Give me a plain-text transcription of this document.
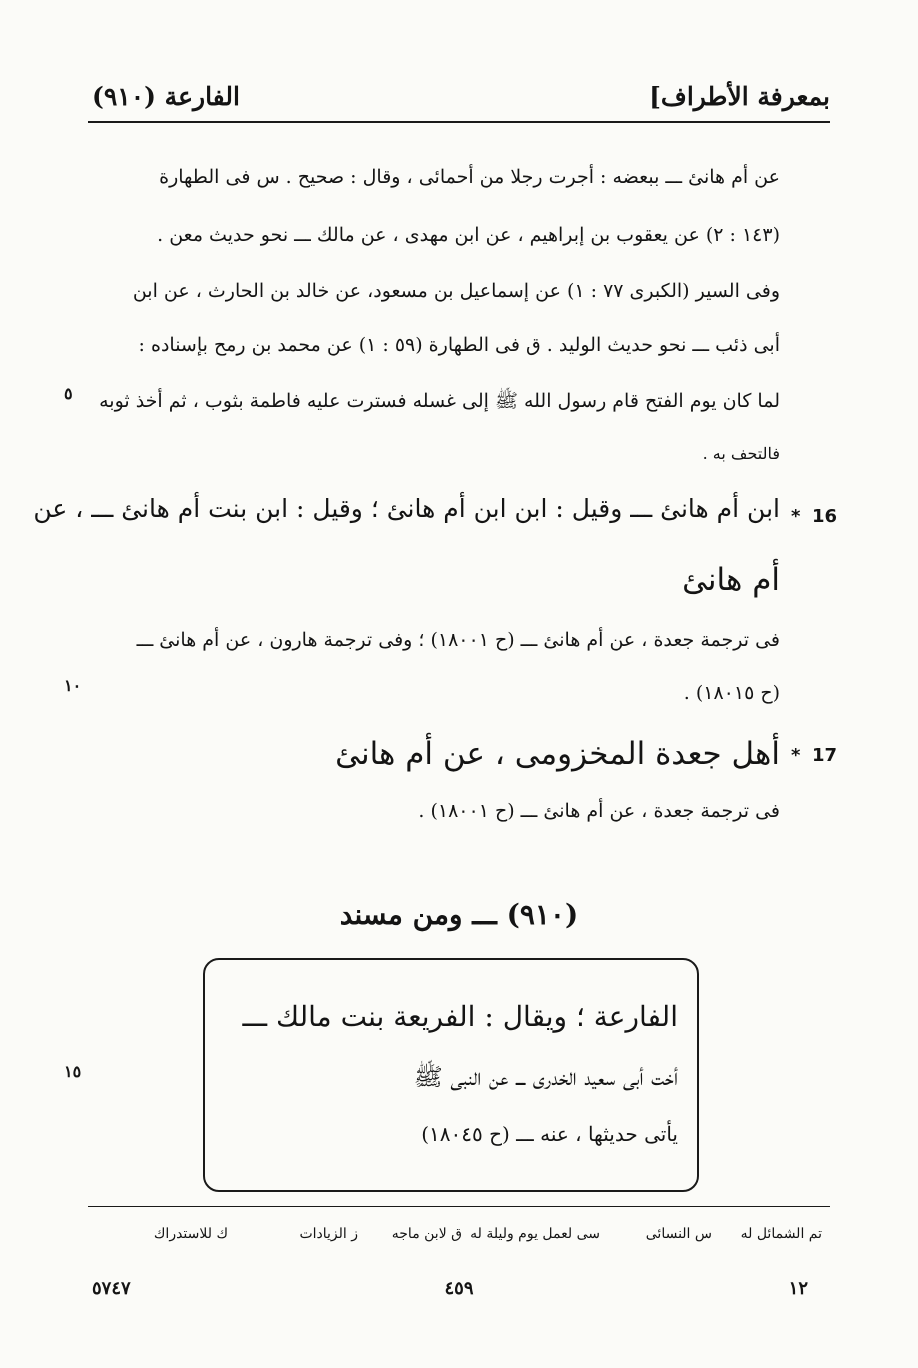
بمعرفة الأطراف]
الفارعة (٩١٠)
عن أم هانئ ـــ ببعضه : أجرت رجلا من أحمائى ، وقال : صحيح . س فى الطهارة
(١٤٣ : ٢) عن يعقوب بن إبراهيم ، عن ابن مهدى ، عن مالك ـــ نحو حديث معن .
وفى السير (الكبرى ٧٧ : ١) عن إسماعيل بن مسعود، عن خالد بن الحارث ، عن ابن
أبى ذئب ـــ نحو حديث الوليد . ق فى الطهارة (٥٩ : ١) عن محمد بن رمح بإسناده :
لما كان يوم الفتح قام رسول الله ﷺ إلى غسله فسترت عليه فاطمة بثوب ، ثم أخذ ثوبه
فالتحف به .
٥
١٠
١٥
16
*
ابن أم هانئ ـــ وقيل : ابن ابن أم هانئ ؛ وقيل : ابن بنت أم هانئ ـــ ، عن
أم هانئ
فى ترجمة جعدة ، عن أم هانئ ـــ (ح ١٨٠٠١) ؛ وفى ترجمة هارون ، عن أم هانئ ـــ
(ح ١٨٠١٥) .
17
*
أهل جعدة المخزومى ، عن أم هانئ
فى ترجمة جعدة ، عن أم هانئ ـــ (ح ١٨٠٠١) .
(٩١٠) ـــ ومن مسند
الفارعة ؛ ويقال : الفريعة بنت مالك ـــ
أخت أبى سعيد الخدرى ـــ عن النبى ﷺ
يأتى حديثها ، عنه ـــ (ح ١٨٠٤٥)
تم الشمائل له
س النسائى
سى لعمل يوم وليلة له
ق لابن ماجه
ز الزيادات
ك للاستدراك
١٢
٤٥٩
٥٧٤٧
